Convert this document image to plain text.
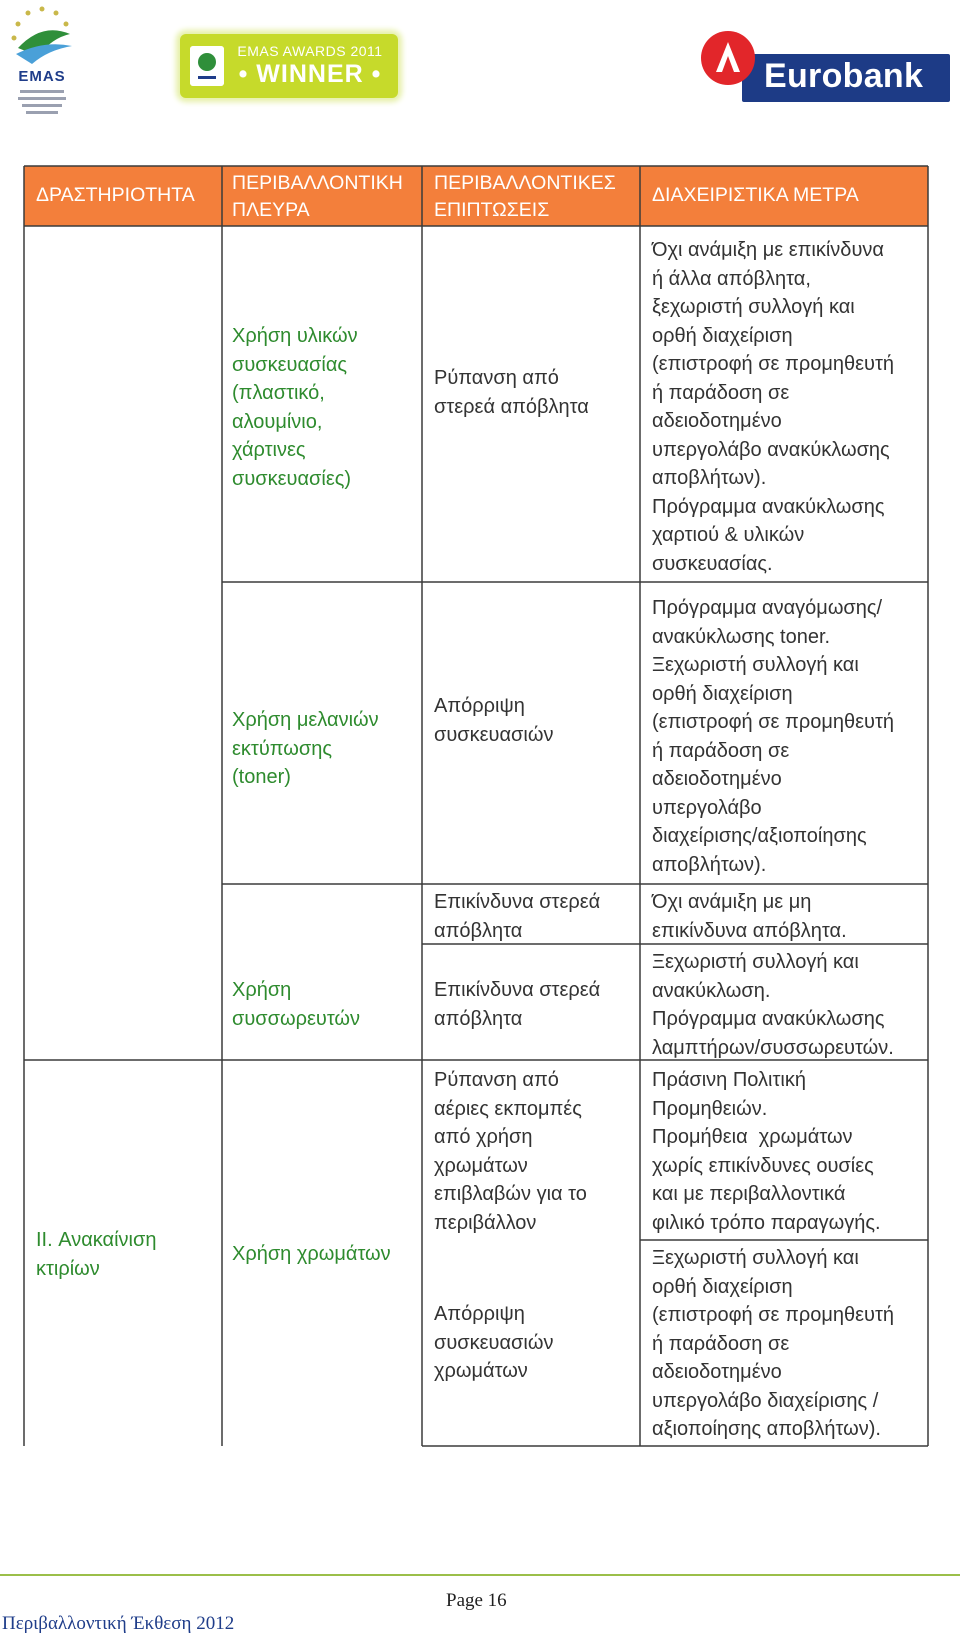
EMAS
EMAS AWARDS 2011
• WINNER •	Eurobank
ΔΡΑΣΤΗΡΙΟΤΗΤΑ
ΠΕΡΙΒΑΛΛΟΝΤΙΚΗ
ΠΛΕΥΡΑ
ΠΕΡΙΒΑΛΛΟΝΤΙΚΕΣ
ΕΠΙΠΤΩΣΕΙΣ
ΔΙΑΧΕΙΡΙΣΤΙΚΑ ΜΕΤΡΑ
II. Ανακαίνιση
κτιρίων
Χρήση υλικών
συσκευασίας
(πλαστικό,
αλουμίνιο,
χάρτινες
συσκευασίες)
Χρήση μελανιών
εκτύπωσης
(toner)
Χρήση
συσσωρευτών
Χρήση χρωμάτων
Ρύπανση από
στερεά απόβλητα
Απόρριψη
συσκευασιών
Επικίνδυνα στερεά
απόβλητα
Επικίνδυνα στερεά
απόβλητα
Ρύπανση από
αέριες εκπομπές
από χρήση
χρωμάτων
επιβλαβών για το
περιβάλλον
Απόρριψη
συσκευασιών
χρωμάτων
Όχι ανάμιξη με επικίνδυνα
ή άλλα απόβλητα,
ξεχωριστή συλλογή και
ορθή διαχείριση
(επιστροφή σε προμηθευτή
ή παράδοση σε
αδειοδοτημένο
υπεργολάβο ανακύκλωσης
αποβλήτων).
Πρόγραμμα ανακύκλωσης
χαρτιού & υλικών
συσκευασίας.
Πρόγραμμα αναγόμωσης/
ανακύκλωσης toner.
Ξεχωριστή συλλογή και
ορθή διαχείριση
(επιστροφή σε προμηθευτή
ή παράδοση σε
αδειοδοτημένο
υπεργολάβο
διαχείρισης/αξιοποίησης
αποβλήτων).
Όχι ανάμιξη με μη
επικίνδυνα απόβλητα.
Ξεχωριστή συλλογή και
ανακύκλωση.
Πρόγραμμα ανακύκλωσης
λαμπτήρων/συσσωρευτών.
Πράσινη Πολιτική
Προμηθειών.
Προμήθεια  χρωμάτων
χωρίς επικίνδυνες ουσίες
και με περιβαλλοντικά
φιλικό τρόπο παραγωγής.
Ξεχωριστή συλλογή και
ορθή διαχείριση
(επιστροφή σε προμηθευτή
ή παράδοση σε
αδειοδοτημένο
υπεργολάβο διαχείρισης /
αξιοποίησης αποβλήτων).
Page 16
Περιβαλλοντική Έκθεση 2012
